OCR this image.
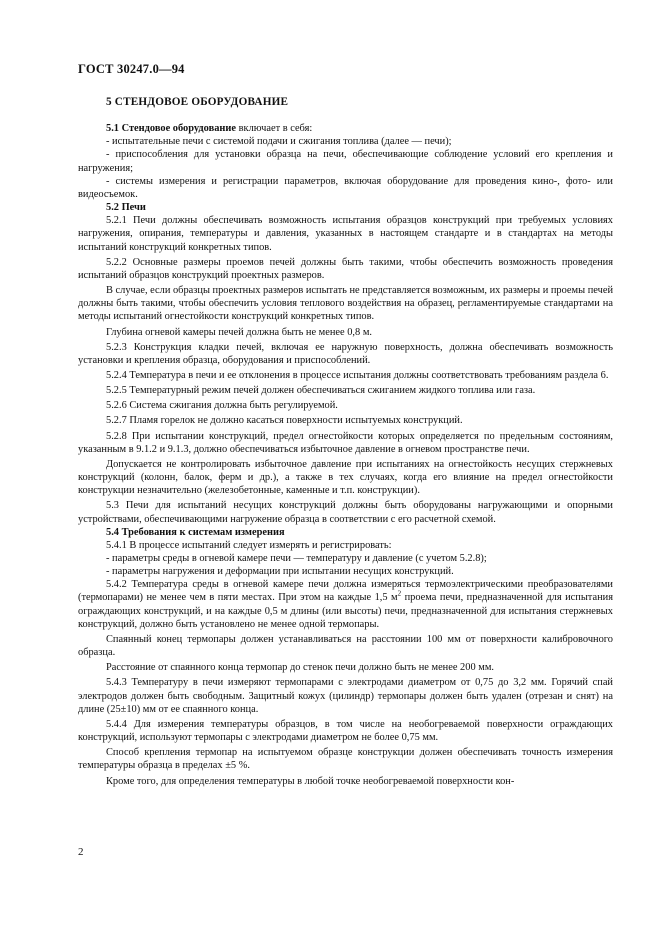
ГОСТ 30247.0—94

5 СТЕНДОВОЕ ОБОРУДОВАНИЕ

5.1 Стендовое оборудование включает в себя:

- испытательные печи с системой подачи и сжигания топлива (далее — печи);

- приспособления для установки образца на печи, обеспечивающие соблюдение условий его крепления и нагружения;

- системы измерения и регистрации параметров, включая оборудование для проведения кино-, фото- или видеосъемок.

5.2 Печи

5.2.1 Печи должны обеспечивать возможность испытания образцов конструкций при требуемых условиях нагружения, опирания, температуры и давления, указанных в настоящем стандарте и в стандартах на методы испытаний конструкций конкретных типов.

5.2.2 Основные размеры проемов печей должны быть такими, чтобы обеспечить возможность проведения испытаний образцов конструкций проектных размеров.

В случае, если образцы проектных размеров испытать не представляется возможным, их размеры и проемы печей должны быть такими, чтобы обеспечить условия теплового воздействия на образец, регламентируемые стандартами на методы испытаний огнестойкости конструкций конкретных типов.

Глубина огневой камеры печей должна быть не менее 0,8 м.

5.2.3 Конструкция кладки печей, включая ее наружную поверхность, должна обеспечивать возможность установки и крепления образца, оборудования и приспособлений.

5.2.4 Температура в печи и ее отклонения в процессе испытания должны соответствовать требованиям раздела 6.

5.2.5 Температурный режим печей должен обеспечиваться сжиганием жидкого топлива или газа.

5.2.6 Система сжигания должна быть регулируемой.

5.2.7 Пламя горелок не должно касаться поверхности испытуемых конструкций.

5.2.8 При испытании конструкций, предел огнестойкости которых определяется по предельным состояниям, указанным в 9.1.2 и 9.1.3, должно обеспечиваться избыточное давление в огневом пространстве печи.

Допускается не контролировать избыточное давление при испытаниях на огнестойкость несущих стержневых конструкций (колонн, балок, ферм и др.), а также в тех случаях, когда его влияние на предел огнестойкости конструкции незначительно (железобетонные, каменные и т.п. конструкции).

5.3 Печи для испытаний несущих конструкций должны быть оборудованы нагружающими и опорными устройствами, обеспечивающими нагружение образца в соответствии с его расчетной схемой.

5.4 Требования к системам измерения

5.4.1 В процессе испытаний следует измерять и регистрировать:

- параметры среды в огневой камере печи — температуру и давление (с учетом 5.2.8);

- параметры нагружения и деформации при испытании несущих конструкций.

5.4.2 Температура среды в огневой камере печи должна измеряться термоэлектрическими преобразователями (термопарами) не менее чем в пяти местах. При этом на каждые 1,5 $м^2$ проема печи, предназначенной для испытания ограждающих конструкций, и на каждые 0,5 м длины (или высоты) печи, предназначенной для испытания стержневых конструкций, должно быть установлено не менее одной термопары.

Спаянный конец термопары должен устанавливаться на расстоянии 100 мм от поверхности калибровочного образца.

Расстояние от спаянного конца термопар до стенок печи должно быть не менее 200 мм.

5.4.3 Температуру в печи измеряют термопарами с электродами диаметром от 0,75 до 3,2 мм. Горячий спай электродов должен быть свободным. Защитный кожух (цилиндр) термопары должен быть удален (отрезан и снят) на длине (25±10) мм от ее спаянного конца.

5.4.4 Для измерения температуры образцов, в том числе на необогреваемой поверхности ограждающих конструкций, используют термопары с электродами диаметром не более 0,75 мм.

Способ крепления термопар на испытуемом образце конструкции должен обеспечивать точность измерения температуры образца в пределах ±5 %.

Кроме того, для определения температуры в любой точке необогреваемой поверхности кон-

2
